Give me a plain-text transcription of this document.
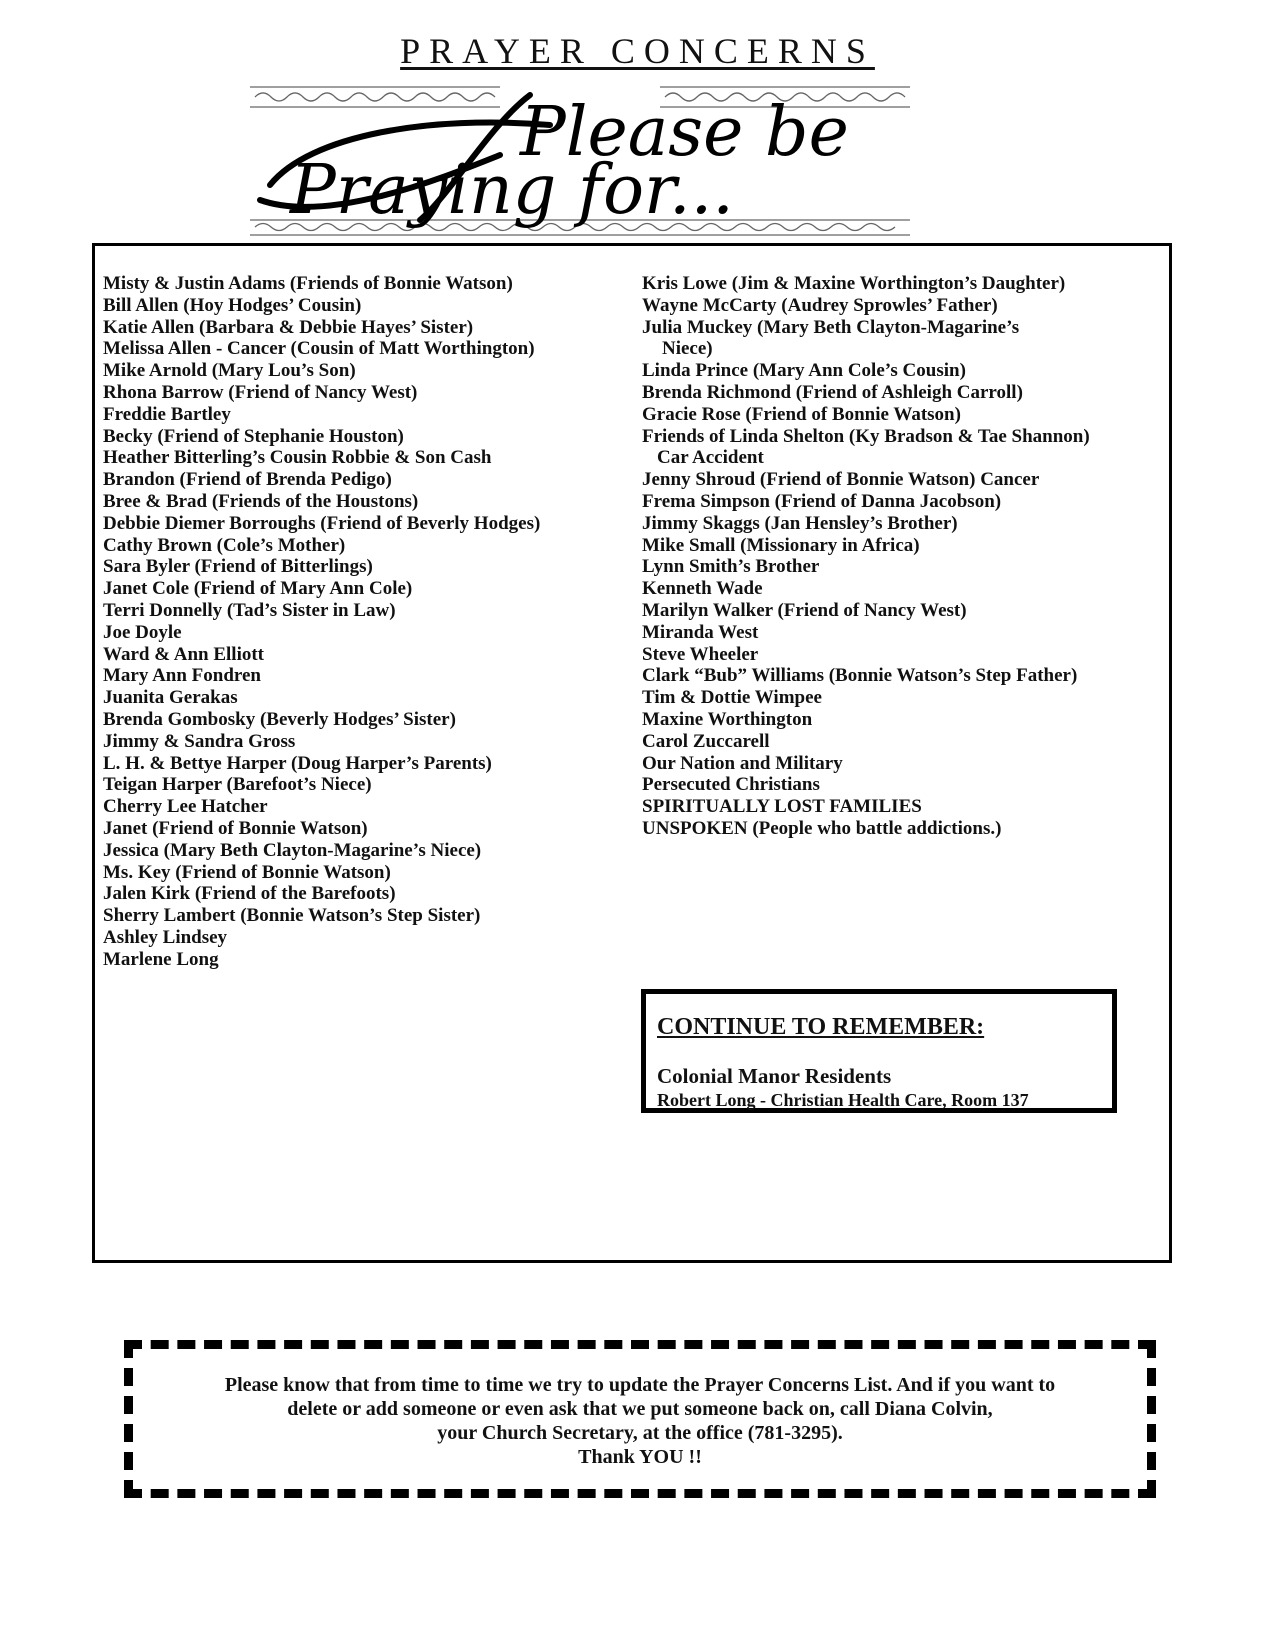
PRAYER CONCERNS
Please be
Praying for...
Misty & Justin Adams (Friends of Bonnie Watson)
Bill Allen (Hoy Hodges’ Cousin)
Katie Allen (Barbara & Debbie Hayes’ Sister)
Melissa Allen - Cancer (Cousin of Matt Worthington)
Mike Arnold (Mary Lou’s Son)
Rhona Barrow (Friend of Nancy West)
Freddie Bartley
Becky (Friend of Stephanie Houston)
Heather Bitterling’s Cousin Robbie & Son Cash
Brandon (Friend of Brenda Pedigo)
Bree & Brad (Friends of the Houstons)
Debbie Diemer Borroughs (Friend of Beverly Hodges)
Cathy Brown (Cole’s Mother)
Sara Byler (Friend of Bitterlings)
Janet Cole (Friend of Mary Ann Cole)
Terri Donnelly (Tad’s Sister in Law)
Joe Doyle
Ward & Ann Elliott
Mary Ann Fondren
Juanita Gerakas
Brenda Gombosky (Beverly Hodges’ Sister)
Jimmy & Sandra Gross
L. H. & Bettye Harper (Doug Harper’s Parents)
Teigan Harper (Barefoot’s Niece)
Cherry Lee Hatcher
Janet (Friend of Bonnie Watson)
Jessica (Mary Beth Clayton-Magarine’s Niece)
Ms. Key (Friend of Bonnie Watson)
Jalen Kirk (Friend of the Barefoots)
Sherry Lambert (Bonnie Watson’s Step Sister)
Ashley Lindsey
Marlene Long
Kris Lowe (Jim & Maxine Worthington’s Daughter)
Wayne McCarty (Audrey Sprowles’ Father)
Julia Muckey (Mary Beth Clayton-Magarine’s
Niece)
Linda Prince (Mary Ann Cole’s Cousin)
Brenda Richmond (Friend of Ashleigh Carroll)
Gracie Rose (Friend of Bonnie Watson)
Friends of Linda Shelton (Ky Bradson & Tae Shannon)
Car Accident
Jenny Shroud (Friend of Bonnie Watson) Cancer
Frema Simpson (Friend of Danna Jacobson)
Jimmy Skaggs (Jan Hensley’s Brother)
Mike Small (Missionary in Africa)
Lynn Smith’s Brother
Kenneth Wade
Marilyn Walker (Friend of Nancy West)
Miranda West
Steve Wheeler
Clark “Bub” Williams (Bonnie Watson’s Step Father)
Tim & Dottie Wimpee
Maxine Worthington
Carol Zuccarell
Our Nation and Military
Persecuted Christians
SPIRITUALLY LOST FAMILIES
UNSPOKEN (People who battle addictions.)
CONTINUE TO REMEMBER:
Colonial Manor Residents
Robert Long - Christian Health Care, Room 137
Please know that from time to time we try to update the Prayer Concerns List. And if you want to
delete or add someone or even ask that we put someone back on, call Diana Colvin,
your Church Secretary, at the office (781-3295).
Thank YOU !!
